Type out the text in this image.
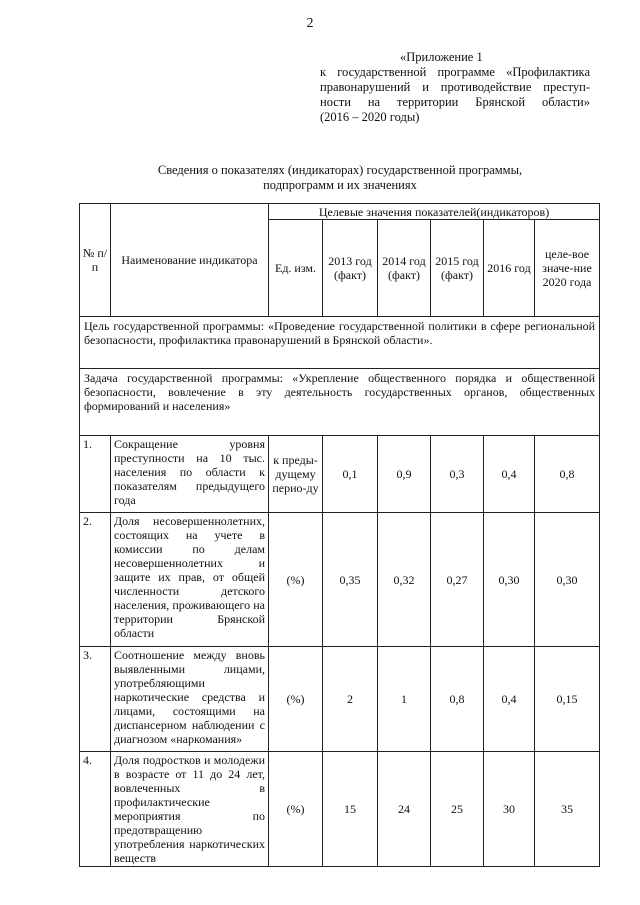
2
«Приложение 1
к государственной программе «Профилактика
правонарушений и противодействие преступ-
ности на территории Брянской области»
(2016 – 2020 годы)
Сведения о показателях (индикаторах) государственной программы,
подпрограмм и их значениях
№ п/п	Наименование индикатора	Целевые значения показателей(индикаторов)					
		Ед. изм.	2013 год (факт)	2014 год (факт)	2015 год (факт)	2016 год	целе-вое значе-ние 2020 года
Цель государственной программы: «Проведение государственной политики в сфере региональной безопасности, профилактика правонарушений в Брянской области».							
Задача государственной программы: «Укрепление общественного порядка и общественной безопасности, вовлечение в эту деятельность государственных органов, общественных формирований и населения»							
1.	Сокращение уровня преступности на 10 тыс. населения по области к показателям предыдущего года	к преды-дущему перио-ду	0,1	0,9	0,3	0,4	0,8
2.	Доля несовершеннолетних, состоящих на учете в комиссии по делам несовершеннолетних и защите их прав, от общей численности детского населения, проживающего на территории Брянской области	(%)	0,35	0,32	0,27	0,30	0,30
3.	Соотношение между вновь выявленными лицами, употребляющими наркотические средства и лицами, состоящими на диспансерном наблюдении с диагнозом «наркомания»	(%)	2	1	0,8	0,4	0,15
4.	Доля подростков и молодежи в возрасте от 11 до 24 лет, вовлеченных в профилактические мероприятия по предотвращению употребления наркотических веществ	(%)	15	24	25	30	35
